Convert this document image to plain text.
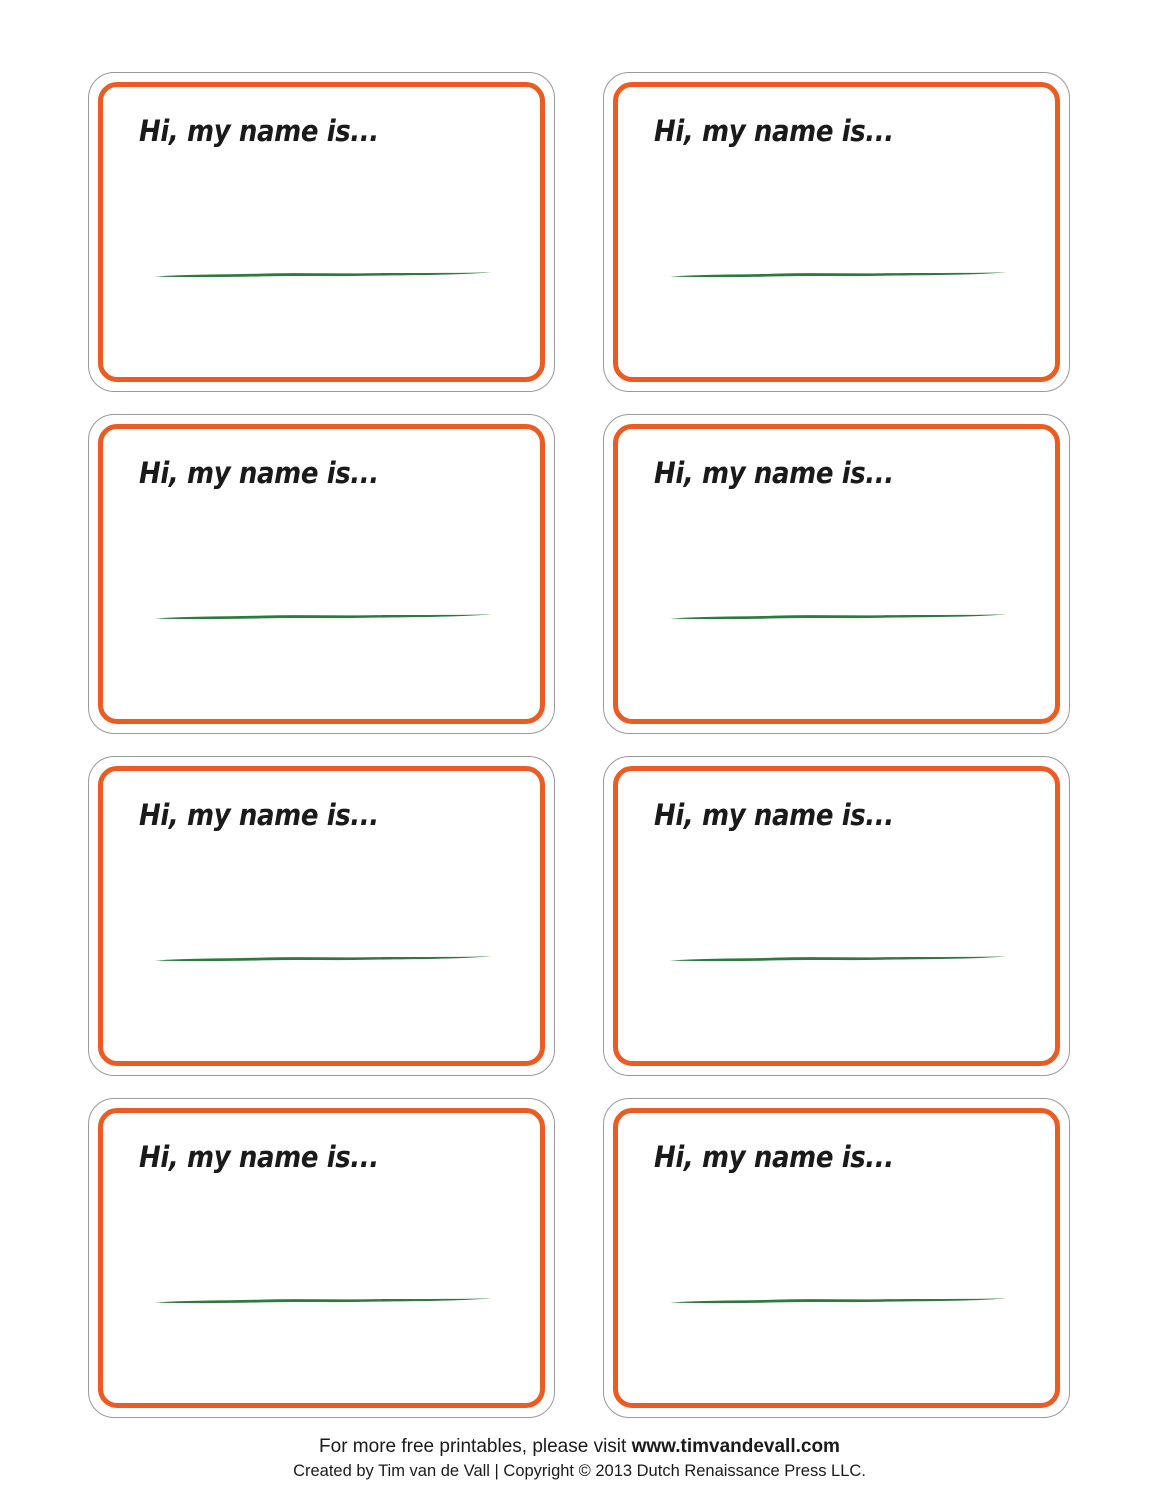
Hi, my name is...	Hi, my name is...
Hi, my name is...	Hi, my name is...
Hi, my name is...	Hi, my name is...
Hi, my name is...	Hi, my name is...
For more free printables, please visit www.timvandevall.com
Created by Tim van de Vall | Copyright © 2013 Dutch Renaissance Press LLC.
